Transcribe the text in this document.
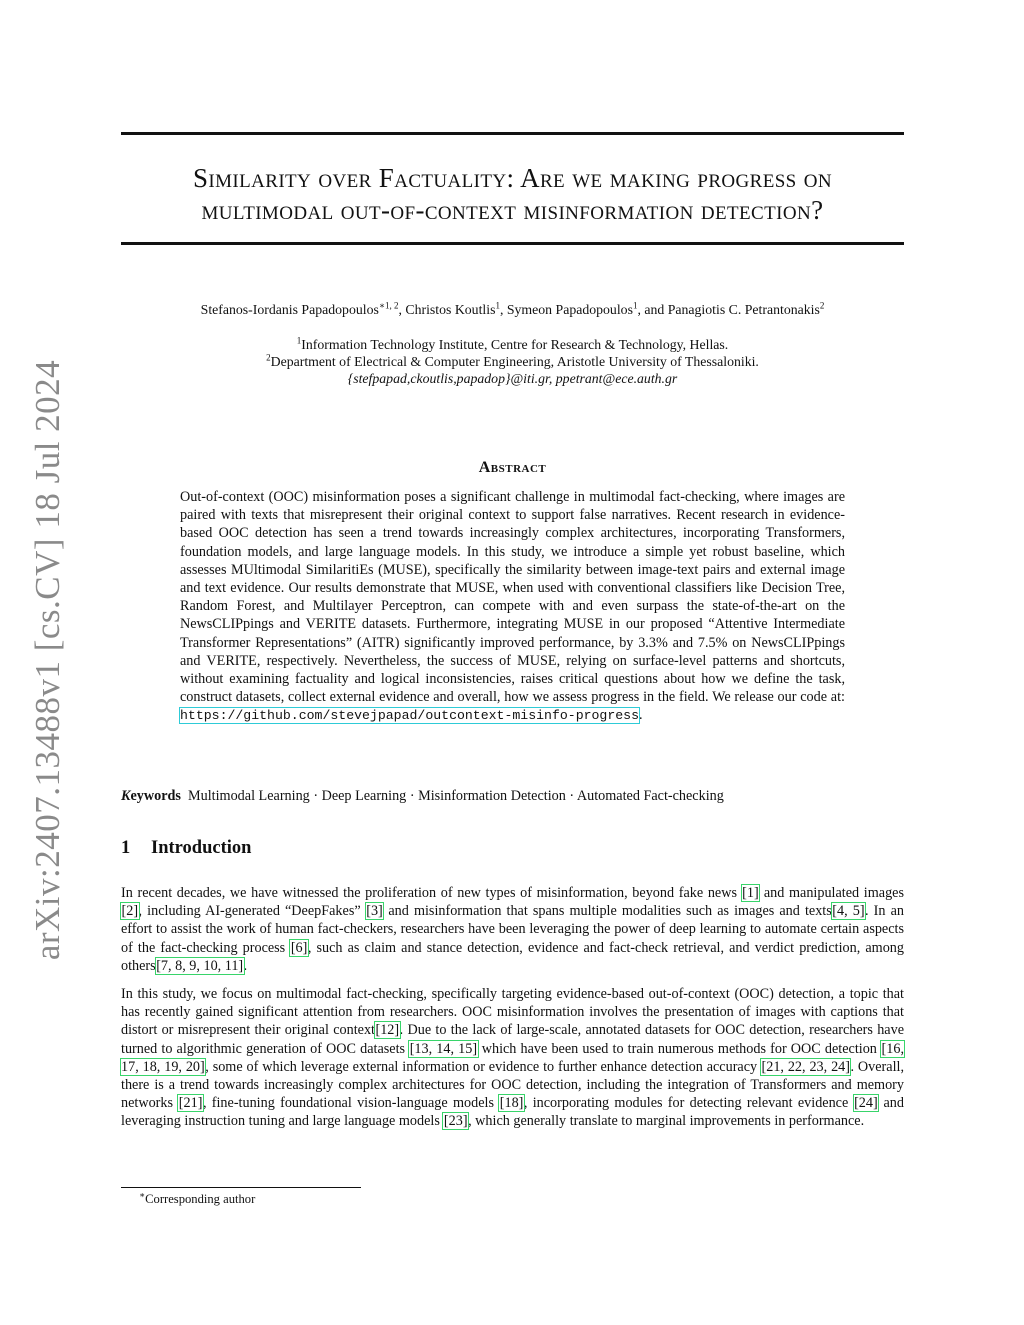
arXiv:2407.13488v1 [cs.CV] 18 Jul 2024
Similarity over Factuality: Are we making progress on
multimodal out-of-context misinformation detection?
Stefanos-Iordanis Papadopoulos$^{∗1, 2}$, Christos Koutlis$^1$, Symeon Papadopoulos$^1$, and Panagiotis C. Petrantonakis$^2$
$^1$Information Technology Institute, Centre for Research & Technology, Hellas.
$^2$Department of Electrical & Computer Engineering, Aristotle University of Thessaloniki.
{stefpapad,ckoutlis,papadop}@iti.gr, ppetrant@ece.auth.gr
Abstract
Out-of-context (OOC) misinformation poses a significant challenge in multimodal fact-checking, where images are paired with texts that misrepresent their original context to support false narratives. Recent research in evidence-based OOC detection has seen a trend towards increasingly complex architectures, incorporating Transformers, foundation models, and large language models. In this study, we introduce a simple yet robust baseline, which assesses MUltimodal SimilaritiEs (MUSE), specifically the similarity between image-text pairs and external image and text evidence. Our results demonstrate that MUSE, when used with conventional classifiers like Decision Tree, Random Forest, and Multilayer Perceptron, can compete with and even surpass the state-of-the-art on the NewsCLIPpings and VERITE datasets. Furthermore, integrating MUSE in our proposed “Attentive Intermediate Transformer Representations” (AITR) significantly improved performance, by 3.3% and 7.5% on NewsCLIPpings and VERITE, respectively. Nevertheless, the success of MUSE, relying on surface-level patterns and shortcuts, without examining factuality and logical inconsistencies, raises critical questions about how we define the task, construct datasets, collect external evidence and overall, how we assess progress in the field. We release our code at: https://github.com/stevejpapad/outcontext-misinfo-progress.
Keywords Multimodal Learning · Deep Learning · Misinformation Detection · Automated Fact-checking
1 Introduction

In recent decades, we have witnessed the proliferation of new types of misinformation, beyond fake news [1] and manipulated images [2], including AI-generated “DeepFakes” [3] and misinformation that spans multiple modalities such as images and texts[4, 5]. In an effort to assist the work of human fact-checkers, researchers have been leveraging the power of deep learning to automate certain aspects of the fact-checking process [6], such as claim and stance detection, evidence and fact-check retrieval, and verdict prediction, among others[7, 8, 9, 10, 11].

In this study, we focus on multimodal fact-checking, specifically targeting evidence-based out-of-context (OOC) detection, a topic that has recently gained significant attention from researchers. OOC misinformation involves the presentation of images with captions that distort or misrepresent their original context[12]. Due to the lack of large-scale, annotated datasets for OOC detection, researchers have turned to algorithmic generation of OOC datasets [13, 14, 15] which have been used to train numerous methods for OOC detection [16, 17, 18, 19, 20], some of which leverage external information or evidence to further enhance detection accuracy [21, 22, 23, 24]. Overall, there is a trend towards increasingly complex architectures for OOC detection, including the integration of Transformers and memory networks [21], fine-tuning foundational vision-language models [18], incorporating modules for detecting relevant evidence [24] and leveraging instruction tuning and large language models [23], which generally translate to marginal improvements in performance.

∗Corresponding author
